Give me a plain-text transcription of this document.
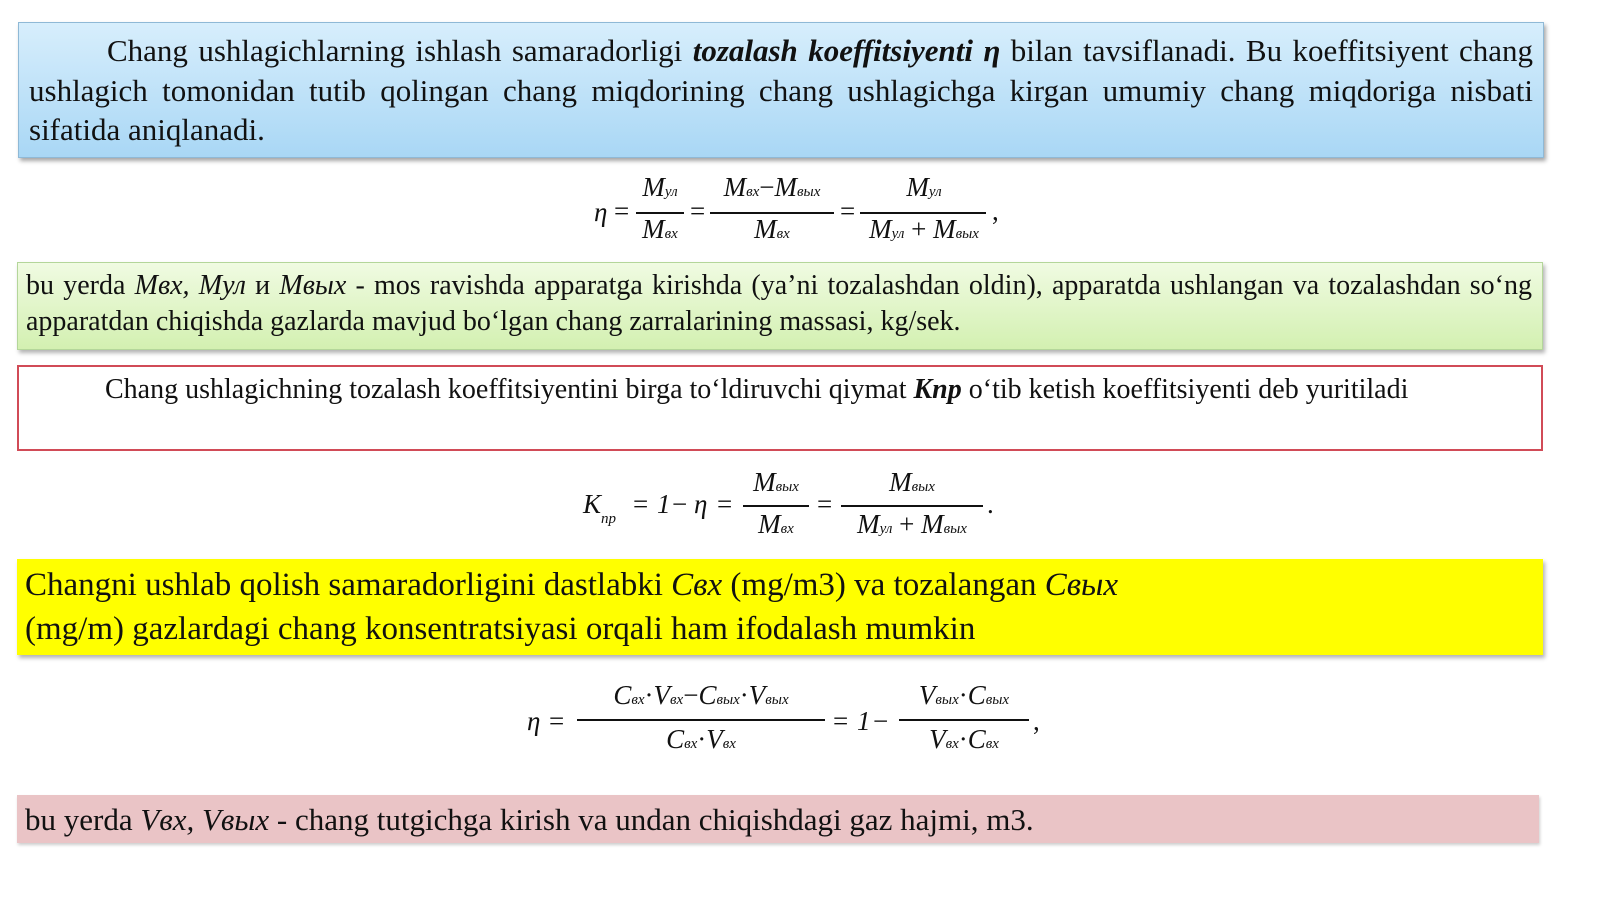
Chang ushlagichlarning ishlash samaradorligi tozalash koeffitsiyenti η bilan tavsiflanadi. Bu koeffitsiyent chang ushlagich tomonidan tutib qolingan chang miqdorining chang ushlagichga kirgan umumiy chang miqdoriga nisbati sifatida aniqlanadi.
η =
Mул
Mвх
=
Mвх−Mвых
Mвх
=
Mул
Mул + Mвых
,
bu yerda Mвх, Mул и Mвых - mos ravishda apparatga kirishda (ya’ni tozalashdan oldin), apparatda ushlangan va tozalashdan so‘ng apparatdan chiqishda gazlarda mavjud bo‘lgan chang zarralarining massasi, kg/sek.
Chang ushlagichning tozalash koeffitsiyentini birga to‘ldiruvchi qiymat Kпр o‘tib ketish koeffitsiyenti deb yuritiladi
$K_{пр} = 1 - \eta$ =
Mвых
Mвх
=
Mвых
Mул + Mвых
.
Changni ushlab qolish samaradorligini dastlabki Cвх (mg/m3) va tozalangan Cвых
(mg/m) gazlardagi chang konsentratsiyasi orqali ham ifodalash mumkin
η =
Cвх·Vвх−Cвых·Vвых
Cвх·Vвх
= 1 −
Vвых·Cвых
Vвх·Cвх
,
bu yerda Vвх, Vвых - chang tutgichga kirish va undan chiqishdagi gaz hajmi, m3.
